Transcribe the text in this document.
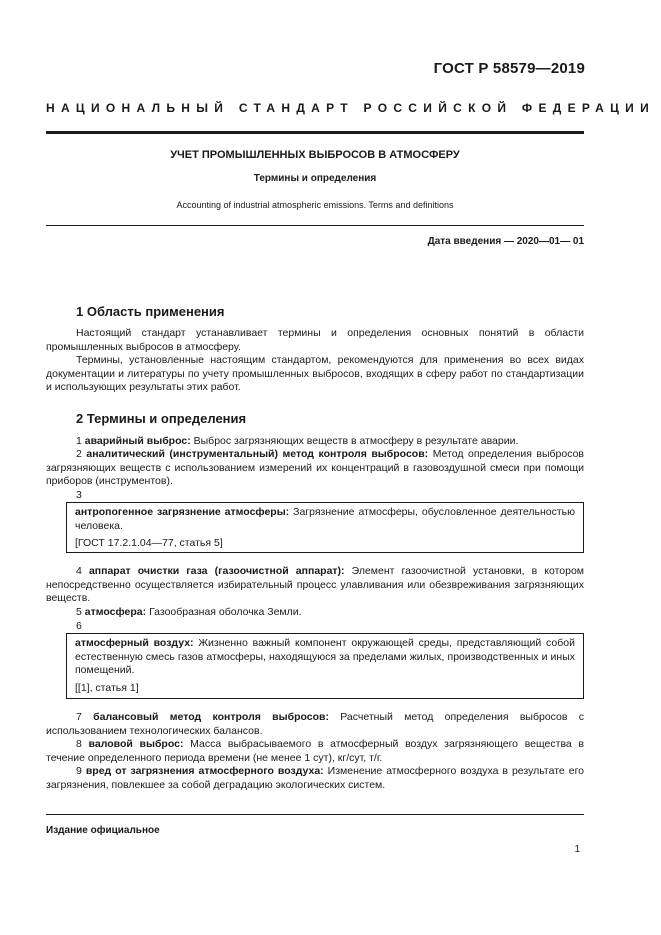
ГОСТ Р 58579—2019
НАЦИОНАЛЬНЫЙ СТАНДАРТ РОССИЙСКОЙ ФЕДЕРАЦИИ
УЧЕТ ПРОМЫШЛЕННЫХ ВЫБРОСОВ В АТМОСФЕРУ
Термины и определения
Accounting of industrial atmospheric emissions. Terms and definitions
Дата введения — 2020—01— 01
1 Область применения

Настоящий стандарт устанавливает термины и определения основных понятий в области промышленных выбросов в атмосферу.

Термины, установленные настоящим стандартом, рекомендуются для применения во всех видах документации и литературы по учету промышленных выбросов, входящих в сферу работ по стандартизации и использующих результаты этих работ.

2 Термины и определения

1 аварийный выброс: Выброс загрязняющих веществ в атмосферу в результате аварии.

2 аналитический (инструментальный) метод контроля выбросов: Метод определения выбросов загрязняющих веществ с использованием измерений их концентраций в газовоздушной смеси при помощи приборов (инструментов).

3

антропогенное загрязнение атмосферы: Загрязнение атмосферы, обусловленное деятельностью человека.

[ГОСТ 17.2.1.04—77, статья 5]

4 аппарат очистки газа (газоочистной аппарат): Элемент газоочистной установки, в котором непосредственно осуществляется избирательный процесс улавливания или обезвреживания загрязняющих веществ.

5 атмосфера: Газообразная оболочка Земли.

6

атмосферный воздух: Жизненно важный компонент окружающей среды, представляющий собой естественную смесь газов атмосферы, находящуюся за пределами жилых, производственных и иных помещений.

[[1], статья 1]

7 балансовый метод контроля выбросов: Расчетный метод определения выбросов с использованием технологических балансов.

8 валовой выброс: Масса выбрасываемого в атмосферный воздух загрязняющего вещества в течение определенного периода времени (не менее 1 сут), кг/сут, т/г.

9 вред от загрязнения атмосферного воздуха: Изменение атмосферного воздуха в результате его загрязнения, повлекшее за собой деградацию экологических систем.

Издание официальное
1
